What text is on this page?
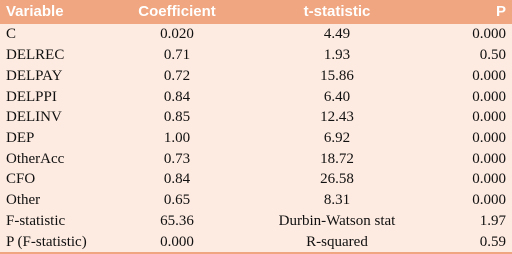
Variable	Coefficient	t-statistic	P
C	0.020	4.49	0.000
DELREC	0.71	1.93	0.50
DELPAY	0.72	15.86	0.000
DELPPI	0.84	6.40	0.000
DELINV	0.85	12.43	0.000
DEP	1.00	6.92	0.000
OtherAcc	0.73	18.72	0.000
CFO	0.84	26.58	0.000
Other	0.65	8.31	0.000
F-statistic	65.36	Durbin-Watson stat	1.97
P (F-statistic)	0.000	R-squared	0.59
